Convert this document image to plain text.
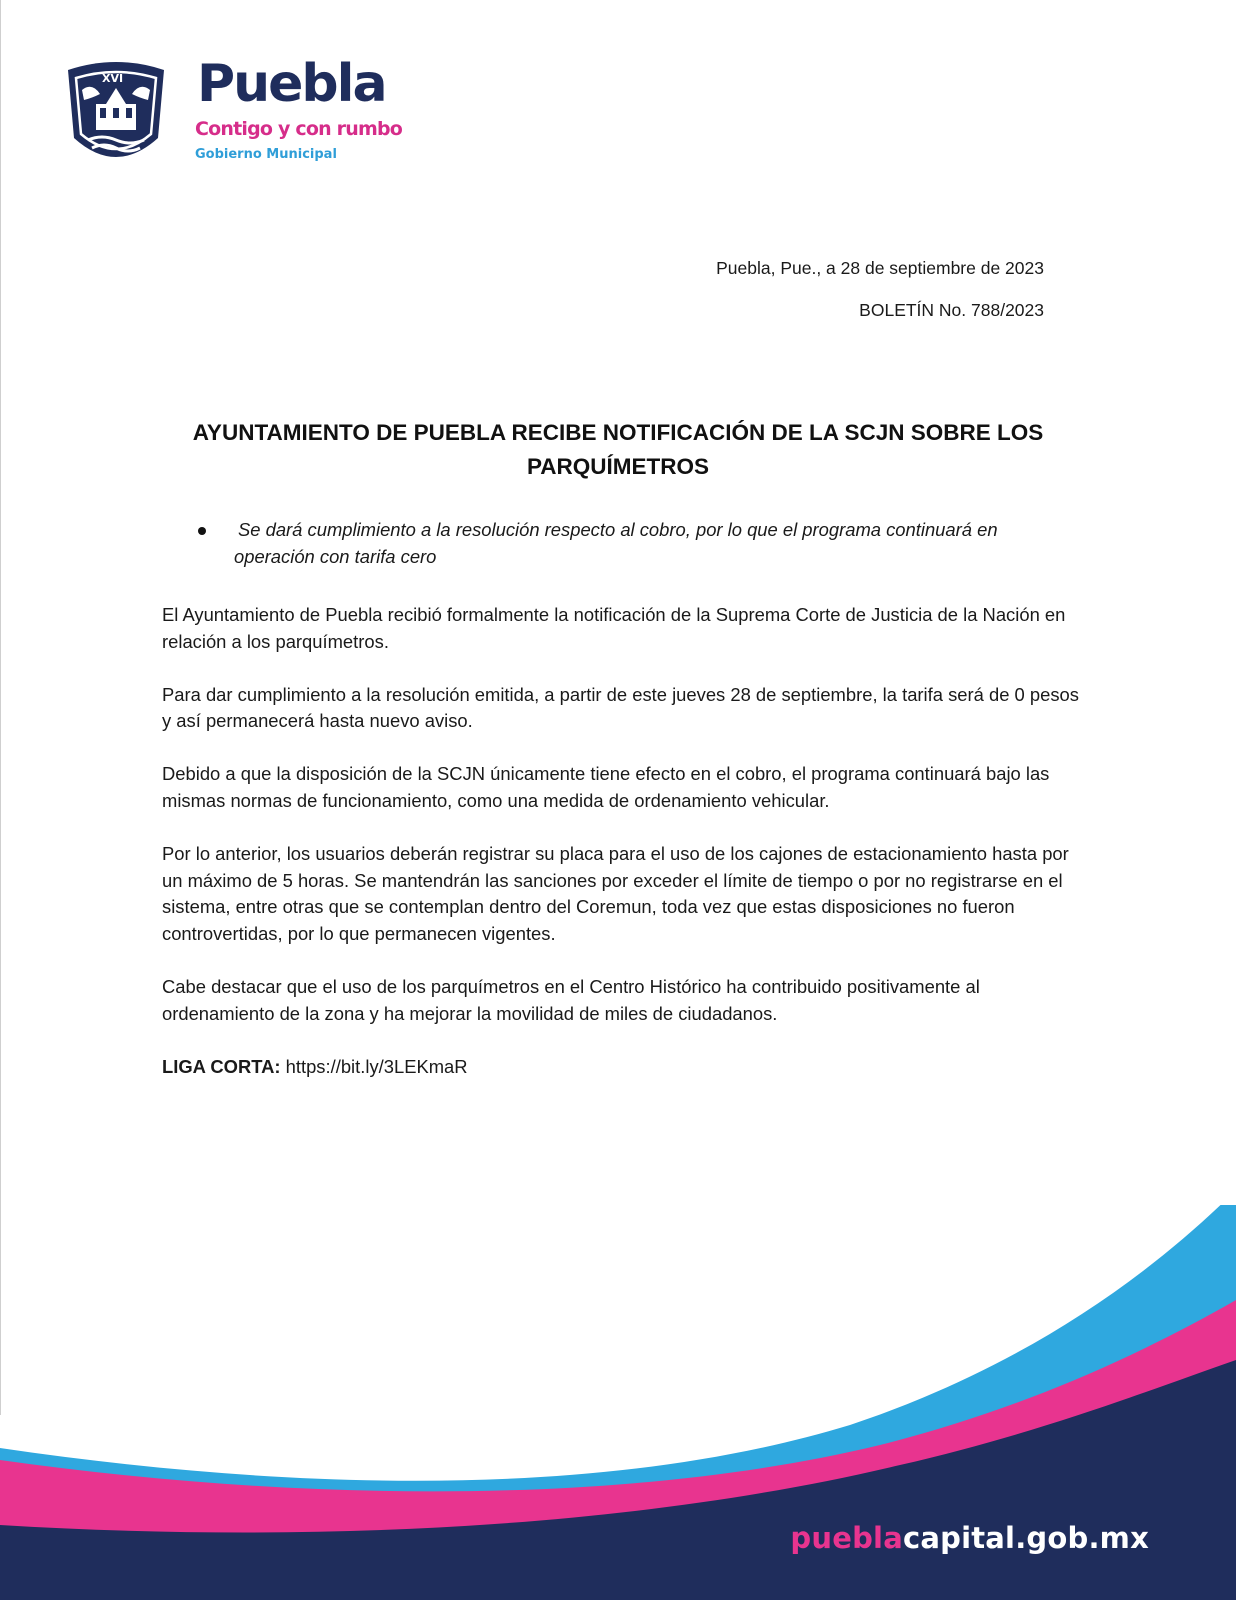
XVI Puebla
Contigo y con rumbo
Gobierno Municipal
Puebla, Pue., a 28 de septiembre de 2023
BOLETÍN No. 788/2023
AYUNTAMIENTO DE PUEBLA RECIBE NOTIFICACIÓN DE LA SCJN SOBRE LOS PARQUÍMETROS
Se dará cumplimiento a la resolución respecto al cobro, por lo que el programa continuará en operación con tarifa cero

El Ayuntamiento de Puebla recibió formalmente la notificación de la Suprema Corte de Justicia de la Nación en relación a los parquímetros.

Para dar cumplimiento a la resolución emitida, a partir de este jueves 28 de septiembre, la tarifa será de 0 pesos y así permanecerá hasta nuevo aviso.

Debido a que la disposición de la SCJN únicamente tiene efecto en el cobro, el programa continuará bajo las mismas normas de funcionamiento, como una medida de ordenamiento vehicular.

Por lo anterior, los usuarios deberán registrar su placa para el uso de los cajones de estacionamiento hasta por un máximo de 5 horas. Se mantendrán las sanciones por exceder el límite de tiempo o por no registrarse en el sistema, entre otras que se contemplan dentro del Coremun, toda vez que estas disposiciones no fueron controvertidas, por lo que permanecen vigentes.

Cabe destacar que el uso de los parquímetros en el Centro Histórico ha contribuido positivamente al ordenamiento de la zona y ha mejorar la movilidad de miles de ciudadanos.

LIGA CORTA: https://bit.ly/3LEKmaR
pueblacapital.gob.mx
